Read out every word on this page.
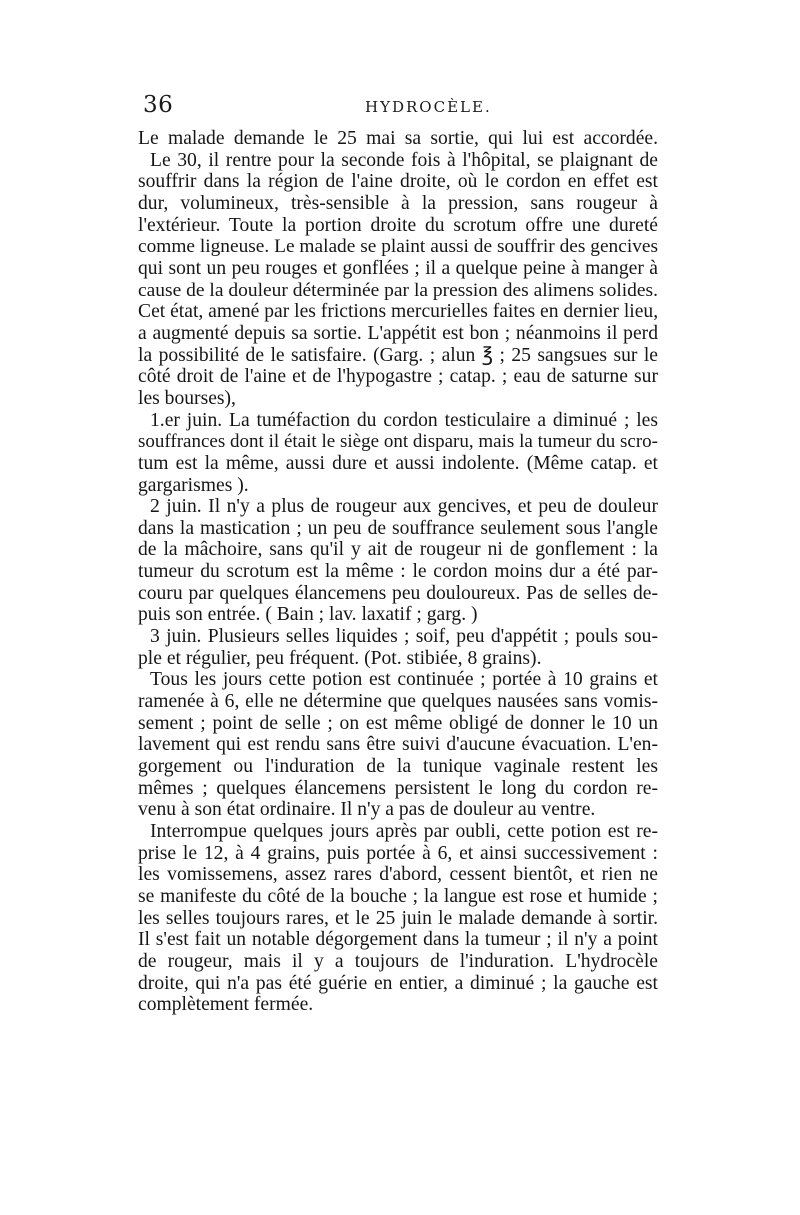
36	HYDROCÈLE.
Le malade demande le 25 mai sa sortie, qui lui est accordée.
Le 30, il rentre pour la seconde fois à l'hôpital, se plaignant de
souffrir dans la région de l'aine droite, où le cordon en effet est
dur, volumineux, très-sensible à la pression, sans rougeur à
l'extérieur. Toute la portion droite du scrotum offre une dureté
comme ligneuse. Le malade se plaint aussi de souffrir des gencives
qui sont un peu rouges et gonflées ; il a quelque peine à manger à
cause de la douleur déterminée par la pression des alimens solides.
Cet état, amené par les frictions mercurielles faites en dernier lieu,
a augmenté depuis sa sortie. L'appétit est bon ; néanmoins il perd
la possibilité de le satisfaire. (Garg. ; alun ℥ ; 25 sangsues sur le
côté droit de l'aine et de l'hypogastre ; catap. ; eau de saturne sur
les bourses),
1.er juin. La tuméfaction du cordon testiculaire a diminué ; les
souffrances dont il était le siège ont disparu, mais la tumeur du scro-
tum est la même, aussi dure et aussi indolente. (Même catap. et
gargarismes ).
2 juin. Il n'y a plus de rougeur aux gencives, et peu de douleur
dans la mastication ; un peu de souffrance seulement sous l'angle
de la mâchoire, sans qu'il y ait de rougeur ni de gonflement : la
tumeur du scrotum est la même : le cordon moins dur a été par-
couru par quelques élancemens peu douloureux. Pas de selles de-
puis son entrée. ( Bain ; lav. laxatif ; garg. )
3 juin. Plusieurs selles liquides ; soif, peu d'appétit ; pouls sou-
ple et régulier, peu fréquent. (Pot. stibiée, 8 grains).
Tous les jours cette potion est continuée ; portée à 10 grains et
ramenée à 6, elle ne détermine que quelques nausées sans vomis-
sement ; point de selle ; on est même obligé de donner le 10 un
lavement qui est rendu sans être suivi d'aucune évacuation. L'en-
gorgement ou l'induration de la tunique vaginale restent les
mêmes ; quelques élancemens persistent le long du cordon re-
venu à son état ordinaire. Il n'y a pas de douleur au ventre.
Interrompue quelques jours après par oubli, cette potion est re-
prise le 12, à 4 grains, puis portée à 6, et ainsi successivement :
les vomissemens, assez rares d'abord, cessent bientôt, et rien ne
se manifeste du côté de la bouche ; la langue est rose et humide ;
les selles toujours rares, et le 25 juin le malade demande à sortir.
Il s'est fait un notable dégorgement dans la tumeur ; il n'y a point
de rougeur, mais il y a toujours de l'induration. L'hydrocèle
droite, qui n'a pas été guérie en entier, a diminué ; la gauche est
complètement fermée.
